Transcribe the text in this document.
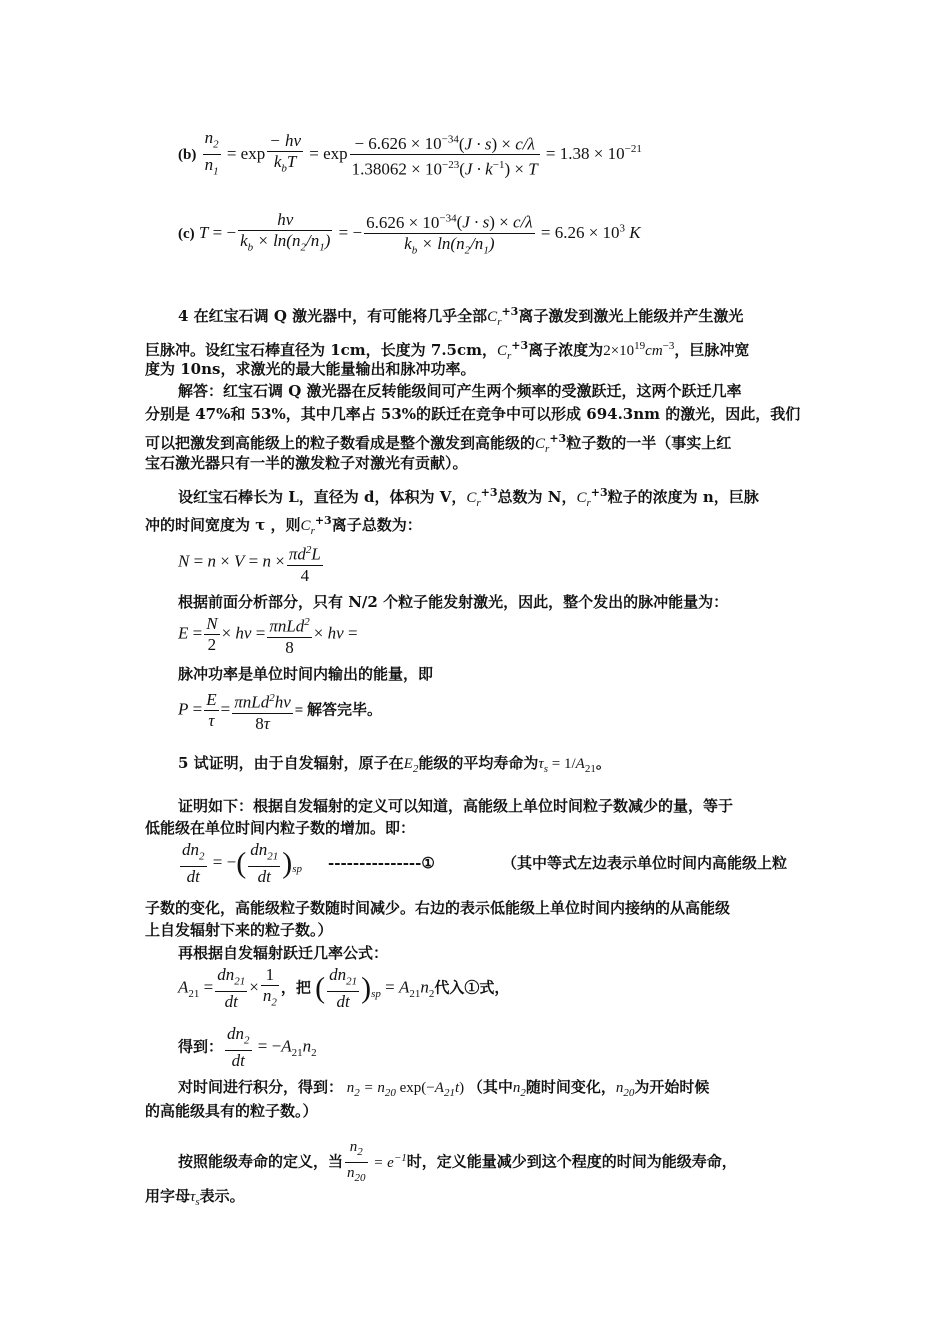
$(b) \frac{n_2}{n_1} = \exp \frac{- h\nu}{k_bT} = \exp \frac{- 6.626 \times 10^{-34}(J \cdot s) \times c/\lambda}{1.38062 \times 10^{-23}(J \cdot k^{-1}) \times T} = 1.38 \times 10^{-21}$
(c) T = − $\frac{h\nu}{k_b \times \ln(n_2/n_1)}$ = − $\frac{6.626 \times 10^{-34}(J \cdot s) \times c/\lambda}{k_b \times \ln(n_2/n_1)} = 6.26 \times 10^3$ K
4 在红宝石调 Q 激光器中，有可能将几乎全部$C_r^{+3}$离子激发到激光上能级并产生激光
巨脉冲。设红宝石棒直径为 1cm，长度为 7.5cm，$C_r^{+3}$离子浓度为$2\times 10^{19}cm^{-3}$，巨脉冲宽
度为 10ns，求激光的最大能量输出和脉冲功率。
解答：红宝石调 Q 激光器在反转能级间可产生两个频率的受激跃迁，这两个跃迁几率
分别是 47%和 53%，其中几率占 53%的跃迁在竞争中可以形成 694.3nm 的激光，因此，我们
可以把激发到高能级上的粒子数看成是整个激发到高能级的$C_r^{+3}$粒子数的一半（事实上红
宝石激光器只有一半的激发粒子对激光有贡献）。
设红宝石棒长为 L，直径为 d，体积为 V，$C_r^{+3}$总数为 N，$C_r^{+3}$粒子的浓度为 n，巨脉
冲的时间宽度为 τ ，则$C_r^{+3}$离子总数为：
$N = n \times V = n \times \frac{\pi d^2L}{4}$
根据前面分析部分，只有 N/2 个粒子能发射激光，因此，整个发出的脉冲能量为：
$E = \frac{N}{2} \times h\nu = \frac{\pi nLd^2}{8} \times h\nu$ =
脉冲功率是单位时间内输出的能量，即
$P = \frac{E}{\tau} = \frac{\pi nLd^2h\nu}{8\tau}$ = 解答完毕。
5 试证明，由于自发辐射，原子在$E_2$能级的平均寿命为$\tau_s = 1/A_{21}$。
证明如下：根据自发辐射的定义可以知道，高能级上单位时间粒子数减少的量，等于
低能级在单位时间内粒子数的增加。即：
$\frac{dn_2}{dt}$ = −( $\frac{dn_{21}}{dt} )_{sp}$ ---------------①	（其中等式左边表示单位时间内高能级上粒
子数的变化，高能级粒子数随时间减少。右边的表示低能级上单位时间内接纳的从高能级
上自发辐射下来的粒子数。）
再根据自发辐射跃迁几率公式：
$A_{21} = \frac{dn_{21}}{dt} \times \frac{1}{n_2}$ ，把 ( $\frac{dn_{21}}{dt} )_{sp} = A_{21}n_2$代入①式，
得到： $\frac{dn_2}{dt} = -A_{21}n_2$
对时间进行积分，得到： $n_2 = n_{20}$ $\exp(-A_{21}t)$ （其中$n_2$随时间变化，$n_{20}$为开始时候
的高能级具有的粒子数。）
按照能级寿命的定义，当 $\frac{n_2}{n_{20}} = e^{-1}$时，定义能量减少到这个程度的时间为能级寿命，
用字母$\tau_s$表示。
